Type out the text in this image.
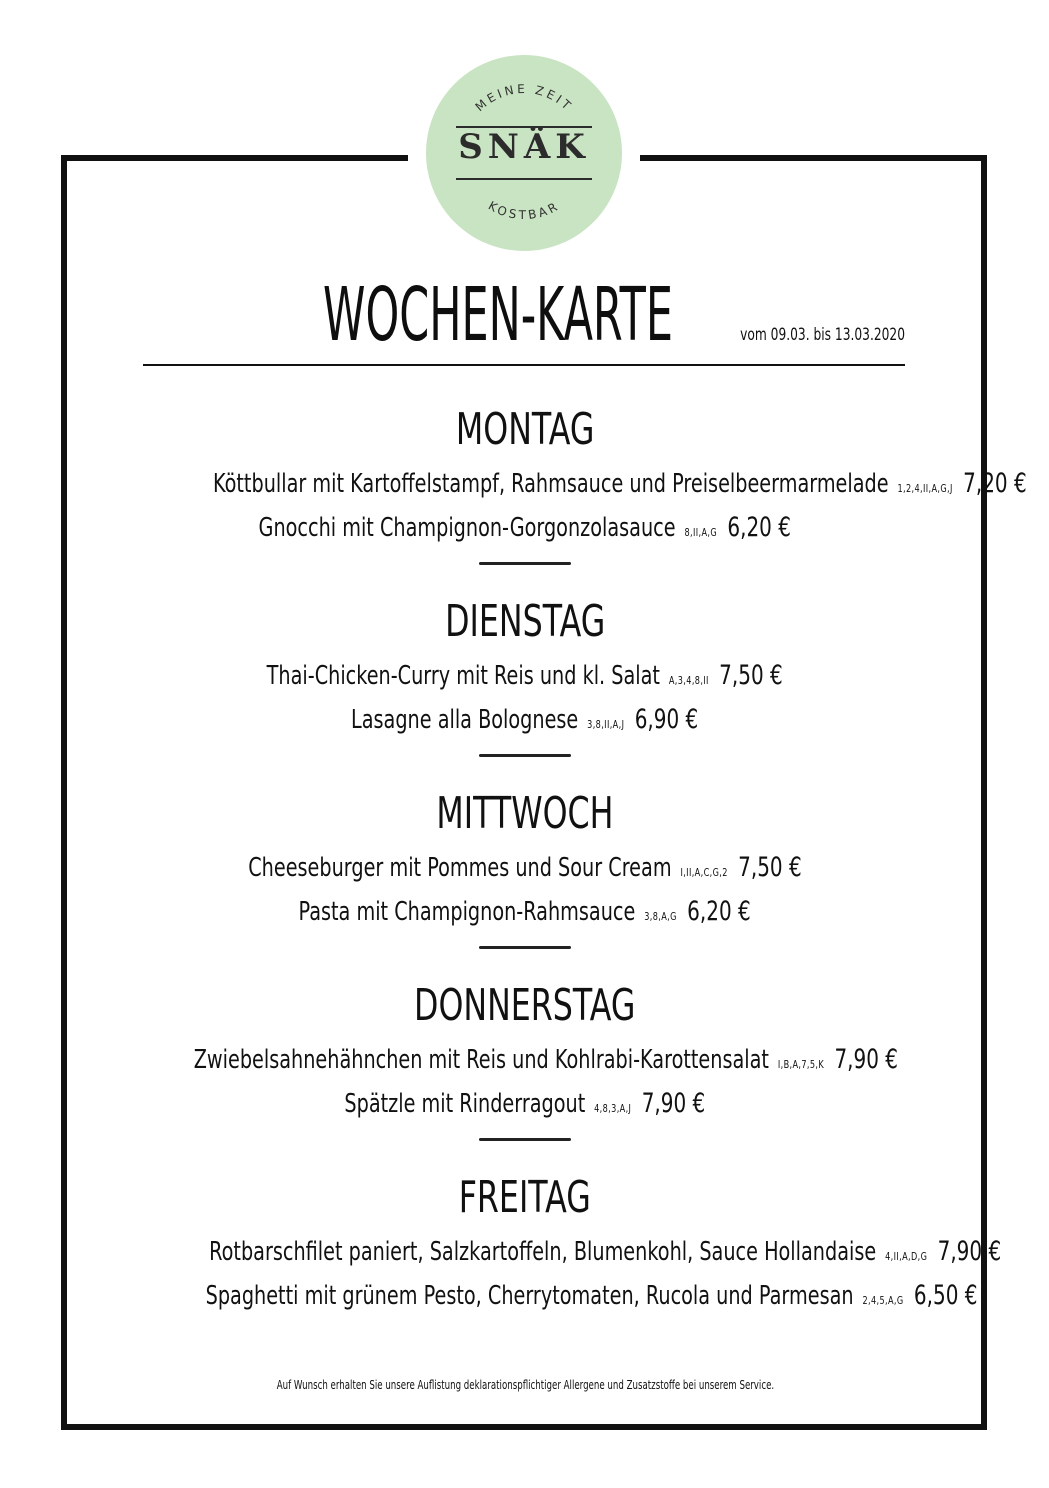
MEINE ZEIT
KOSTBAR
SNÄK
WOCHEN-KARTE	vom 09.03. bis 13.03.2020
MONTAG
Köttbullar mit Kartoffelstampf, Rahmsauce und Preiselbeermarmelade 1,2,4,II,A,G,J 7,20 €
Gnocchi mit Champignon-Gorgonzolasauce 8,II,A,G 6,20 €
DIENSTAG
Thai-Chicken-Curry mit Reis und kl. Salat A,3,4,8,II 7,50 €
Lasagne alla Bolognese 3,8,II,A,J 6,90 €
MITTWOCH
Cheeseburger mit Pommes und Sour Cream I,II,A,C,G,2 7,50 €
Pasta mit Champignon-Rahmsauce 3,8,A,G 6,20 €
DONNERSTAG
Zwiebelsahnehähnchen mit Reis und Kohlrabi-Karottensalat I,B,A,7,5,K 7,90 €
Spätzle mit Rinderragout 4,8,3,A,J 7,90 €
FREITAG
Rotbarschfilet paniert, Salzkartoffeln, Blumenkohl, Sauce Hollandaise 4,II,A,D,G 7,90 €
Spaghetti mit grünem Pesto, Cherrytomaten, Rucola und Parmesan 2,4,5,A,G 6,50 €
Auf Wunsch erhalten Sie unsere Auflistung deklarationspflichtiger Allergene und Zusatzstoffe bei unserem Service.
